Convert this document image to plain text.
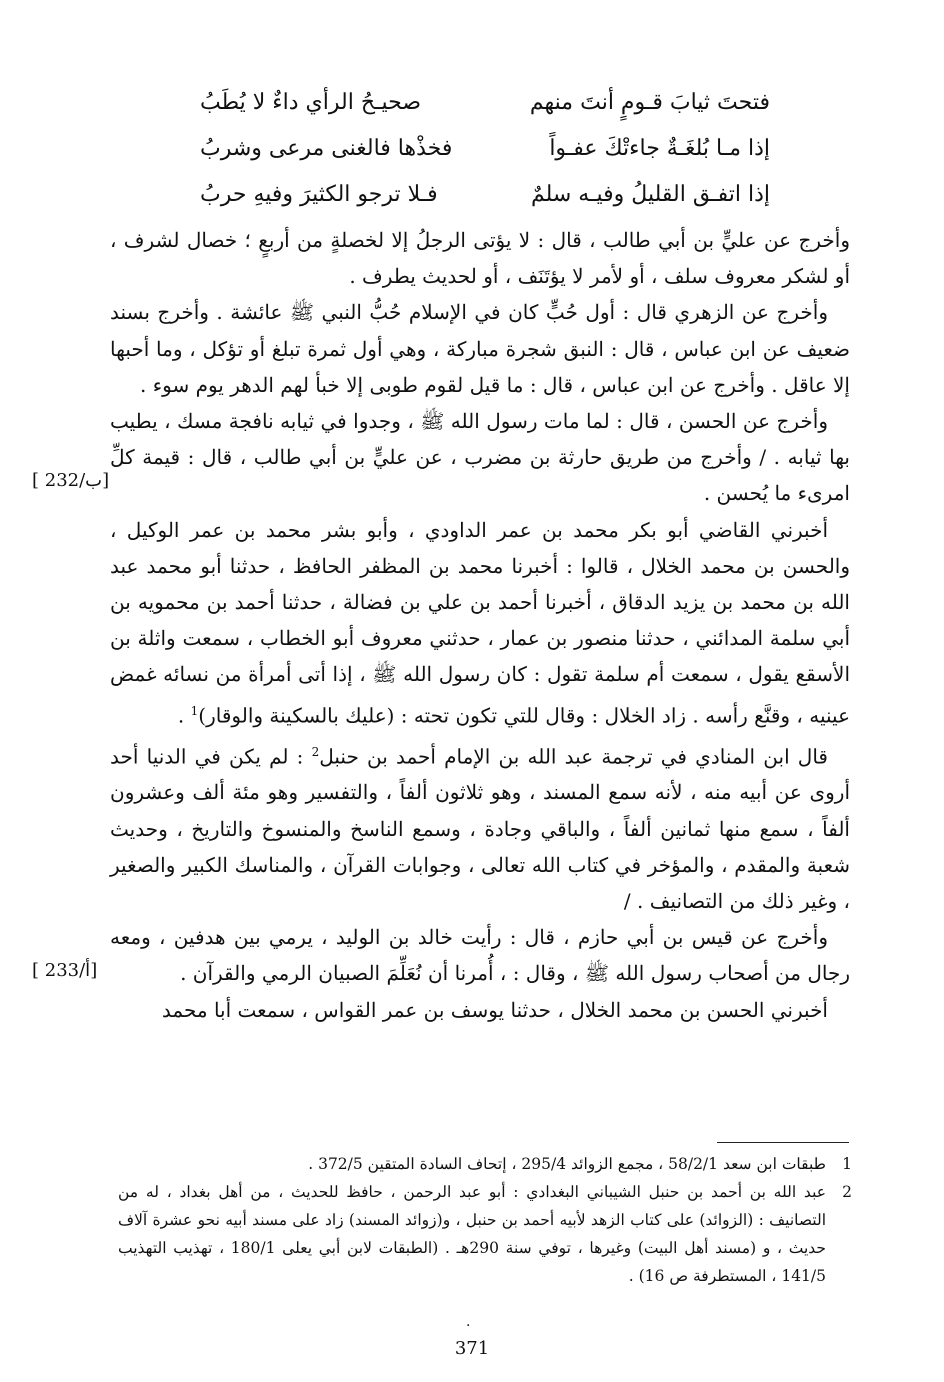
فتحتَ ثيابَ قـومٍ أنتَ منهم
صحيـحُ الرأي داءٌ لا يُطَبُ
إذا مـا بُلغَـةٌ جاءتْكَ عفـواً
فخذْها فالغنى مرعى وشربُ
إذا اتفـق القليلُ وفيـه سلمٌ
فـلا ترجو الكثيرَ وفيهِ حربُ

وأخرج عن عليٍّ بن أبي طالب ، قال : لا يؤتى الرجلُ إلا لخصلةٍ من أربعٍ ؛ خصال لشرف ، أو لشكر معروف سلف ، أو لأمر لا يؤتَنَف ، أو لحديث يطرف .

وأخرج عن الزهري قال : أول حُبٍّ كان في الإسلام حُبُّ النبي ﷺ عائشة . وأخرج بسند ضعيف عن ابن عباس ، قال : النبق شجرة مباركة ، وهي أول ثمرة تبلغ أو تؤكل ، وما أحبها إلا عاقل . وأخرج عن ابن عباس ، قال : ما قيل لقوم طوبى إلا خبأ لهم الدهر يوم سوء .

وأخرج عن الحسن ، قال : لما مات رسول الله ﷺ ، وجدوا في ثيابه نافجة مسك ، يطيب بها ثيابه . / وأخرج من طريق حارثة بن مضرب ، عن عليٍّ بن أبي طالب ، قال : قيمة كلِّ امرىء ما يُحسن .

أخبرني القاضي أبو بكر محمد بن عمر الداودي ، وأبو بشر محمد بن عمر الوكيل ، والحسن بن محمد الخلال ، قالوا : أخبرنا محمد بن المظفر الحافظ ، حدثنا أبو محمد عبد الله بن محمد بن يزيد الدقاق ، أخبرنا أحمد بن علي بن فضالة ، حدثنا أحمد بن محمويه بن أبي سلمة المدائني ، حدثنا منصور بن عمار ، حدثني معروف أبو الخطاب ، سمعت واثلة بن الأسقع يقول ، سمعت أم سلمة تقول : كان رسول الله ﷺ ، إذا أتى أمرأة من نسائه غمض عينيه ، وقنَّع رأسه . زاد الخلال : وقال للتي تكون تحته : (عليك بالسكينة والوقار)$^1$ .

قال ابن المنادي في ترجمة عبد الله بن الإمام أحمد بن حنبل$^2$ : لم يكن في الدنيا أحد أروى عن أبيه منه ، لأنه سمع المسند ، وهو ثلاثون ألفاً ، والتفسير وهو مئة ألف وعشرون ألفاً ، سمع منها ثمانين ألفاً ، والباقي وجادة ، وسمع الناسخ والمنسوخ والتاريخ ، وحديث شعبة والمقدم ، والمؤخر في كتاب الله تعالى ، وجوابات القرآن ، والمناسك الكبير والصغير ، وغير ذلك من التصانيف . /

وأخرج عن قيس بن أبي حازم ، قال : رأيت خالد بن الوليد ، يرمي بين هدفين ، ومعه رجال من أصحاب رسول الله ﷺ ، وقال : ، أُمرنا أن نُعَلِّمَ الصبيان الرمي والقرآن .

أخبرني الحسن بن محمد الخلال ، حدثنا يوسف بن عمر القواس ، سمعت أبا محمد

[ 232/ب]
[ 233/أ]
1
طبقات ابن سعد 58/2/1 ، مجمع الزوائد 295/4 ، إتحاف السادة المتقين 372/5 .
2
عبد الله بن أحمد بن حنبل الشيباني البغدادي : أبو عبد الرحمن ، حافظ للحديث ، من أهل بغداد ، له من التصانيف : (الزوائد) على كتاب الزهد لأبيه أحمد بن حنبل ، و(زوائد المسند) زاد على مسند أبيه نحو عشرة آلاف حديث ، و (مسند أهل البيت) وغيرها ، توفي سنة 290هـ . (الطبقات لابن أبي يعلى 180/1 ، تهذيب التهذيب 141/5 ، المستطرفة ص 16) .
·
371
